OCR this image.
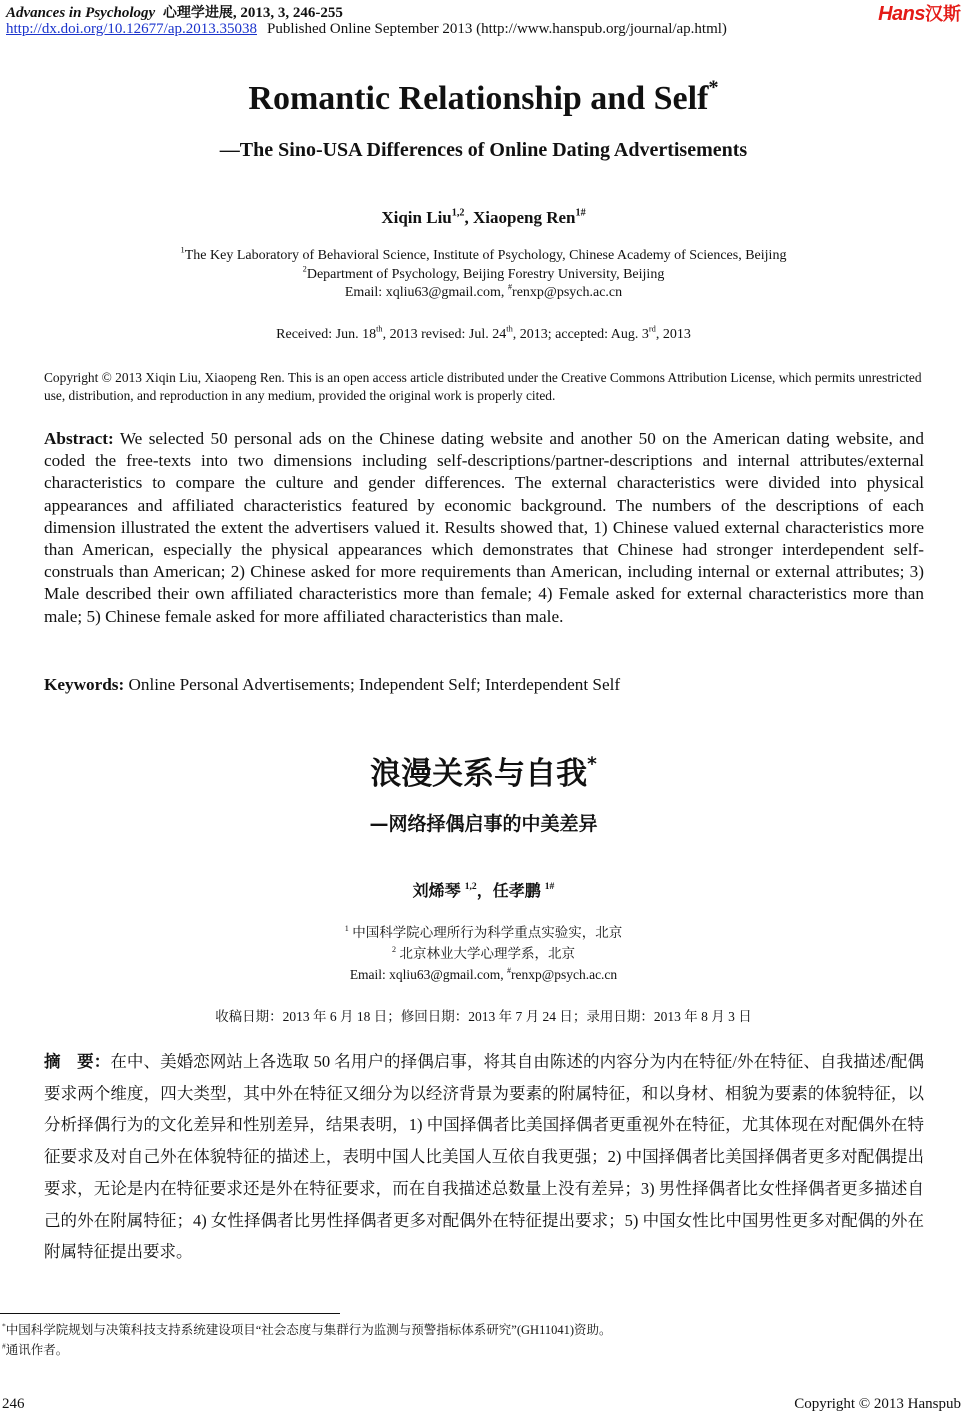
Advances in Psychology 心理学进展, 2013, 3, 246-255	Hans汉斯
http://dx.doi.org/10.12677/ap.2013.35038 Published Online September 2013 (http://www.hanspub.org/journal/ap.html)
Romantic Relationship and Self*
—The Sino-USA Differences of Online Dating Advertisements
Xiqin Liu$^{1,2}$, Xiaopeng Ren$^{1\#}$
$^1$The Key Laboratory of Behavioral Science, Institute of Psychology, Chinese Academy of Sciences, Beijing
$^2$Department of Psychology, Beijing Forestry University, Beijing
Email: xqliu63@gmail.com, #renxp@psych.ac.cn
Received: Jun. 18th, 2013 revised: Jul. 24th, 2013; accepted: Aug. 3rd, 2013
Copyright © 2013 Xiqin Liu, Xiaopeng Ren. This is an open access article distributed under the Creative Commons Attribution License, which permits unrestricted use, distribution, and reproduction in any medium, provided the original work is properly cited.
Abstract: We selected 50 personal ads on the Chinese dating website and another 50 on the American dating website, and coded the free-texts into two dimensions including self-descriptions/partner-descriptions and internal attributes/external characteristics to compare the culture and gender differences. The external characteristics were divided into physical appearances and affiliated characteristics featured by economic background. The numbers of the descriptions of each dimension illustrated the extent the advertisers valued it. Results showed that, 1) Chinese valued external characteristics more than American, especially the physical appearances which demonstrates that Chinese had stronger interdependent self-construals than American; 2) Chinese asked for more requirements than American, including internal or external attributes; 3) Male described their own affiliated characteristics more than female; 4) Female asked for external characteristics more than male; 5) Chinese female asked for more affiliated characteristics than male.
Keywords: Online Personal Advertisements; Independent Self; Interdependent Self
浪漫关系与自我*
—网络择偶启事的中美差异
刘烯琴 $^{1,2}$，任孝鹏 $^{1\#}$
$^1$ 中国科学院心理所行为科学重点实验实，北京
$^2$ 北京林业大学心理学系，北京
Email: xqliu63@gmail.com, #renxp@psych.ac.cn
收稿日期：2013 年 6 月 18 日；修回日期：2013 年 7 月 24 日；录用日期：2013 年 8 月 3 日
摘　要：在中、美婚恋网站上各选取 50 名用户的择偶启事，将其自由陈述的内容分为内在特征/外在特征、自我描述/配偶要求两个维度，四大类型，其中外在特征又细分为以经济背景为要素的附属特征，和以身材、相貌为要素的体貌特征，以分析择偶行为的文化差异和性别差异，结果表明，1) 中国择偶者比美国择偶者更重视外在特征，尤其体现在对配偶外在特征要求及对自己外在体貌特征的描述上，表明中国人比美国人互依自我更强；2) 中国择偶者比美国择偶者更多对配偶提出要求，无论是内在特征要求还是外在特征要求，而在自我描述总数量上没有差异；3) 男性择偶者比女性择偶者更多描述自己的外在附属特征；4) 女性择偶者比男性择偶者更多对配偶外在特征提出要求；5) 中国女性比中国男性更多对配偶的外在附属特征提出要求。
*中国科学院规划与决策科技支持系统建设项目“社会态度与集群行为监测与预警指标体系研究”(GH11041)资助。
#通讯作者。
246	Copyright © 2013 Hanspub
